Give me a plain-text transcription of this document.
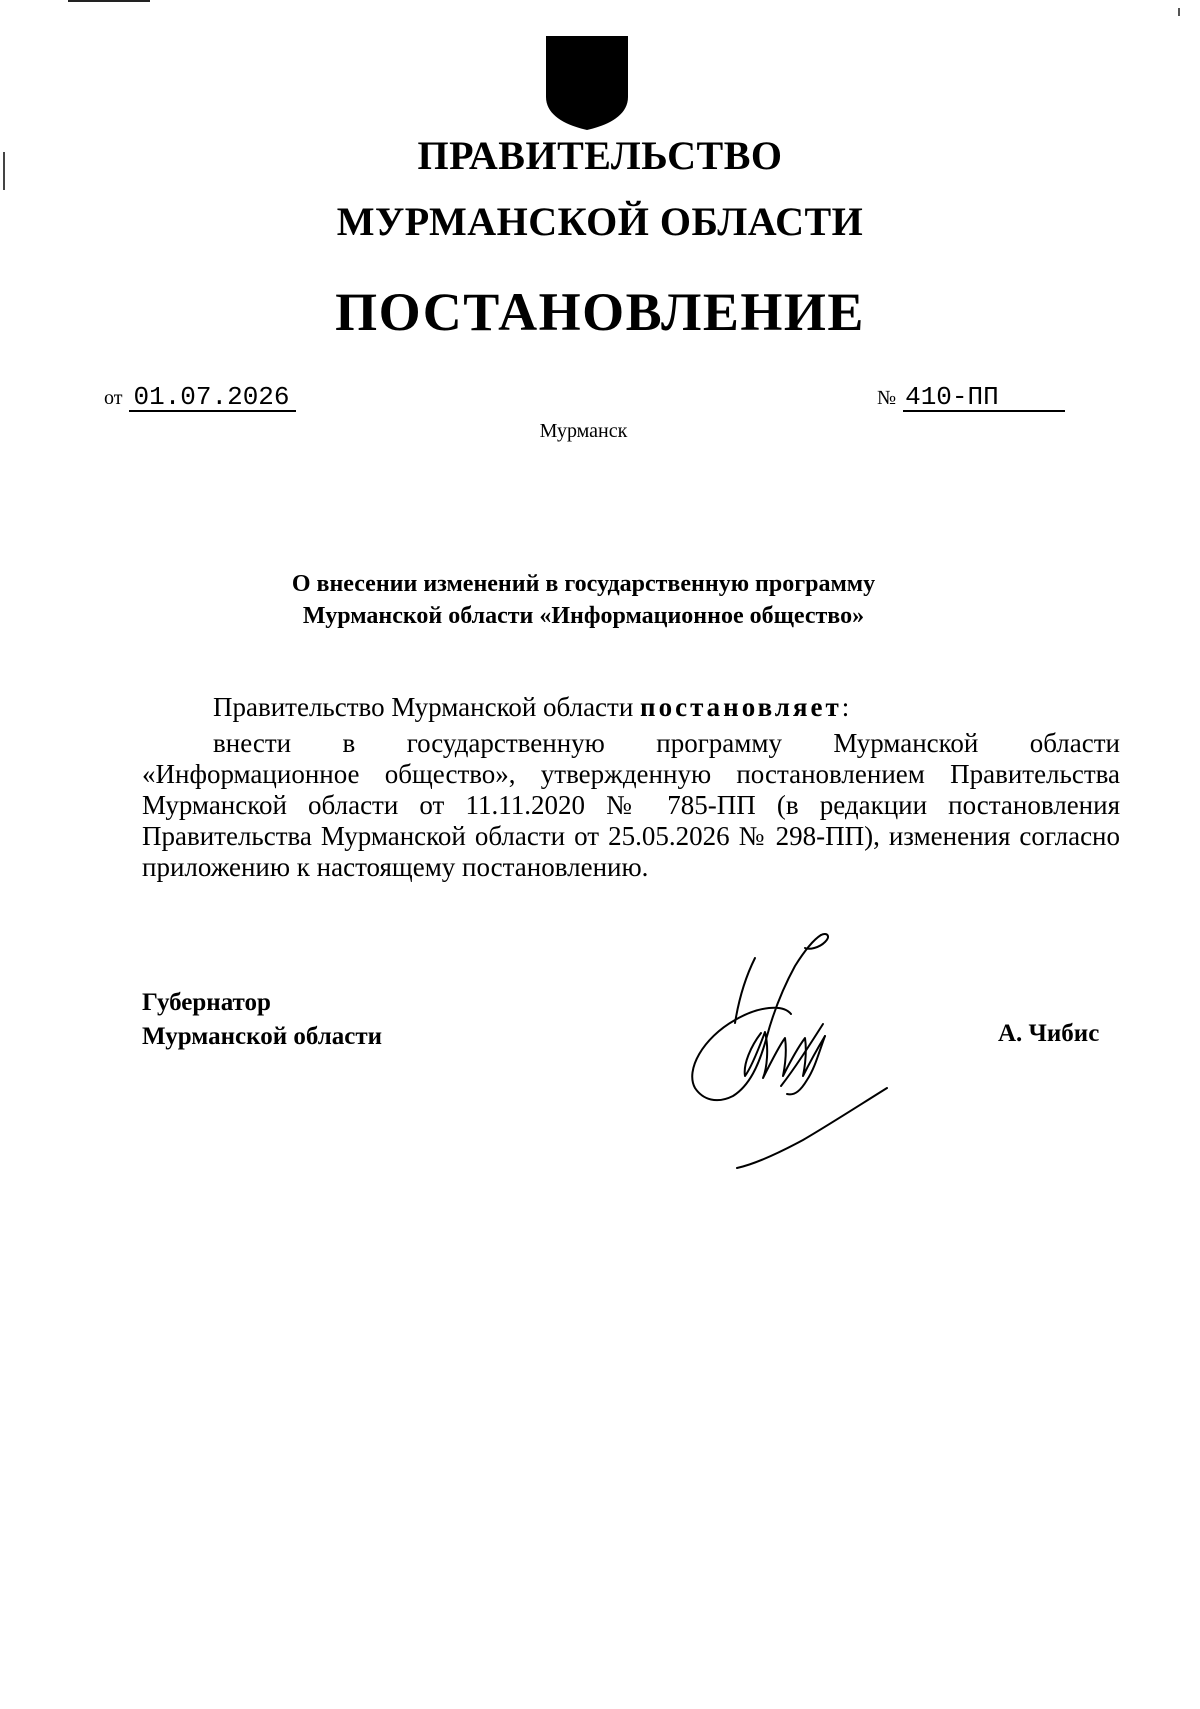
ПРАВИТЕЛЬСТВО
МУРМАНСКОЙ ОБЛАСТИ
ПОСТАНОВЛЕНИЕ
от 01.07.2026	№ 410-ПП
Мурманск
О внесении изменений в государственную программу
Мурманской области «Информационное общество»
Правительство Мурманской области постановляет:
внести в государственную программу Мурманской области
«Информационное общество», утвержденную постановлением Правительства Мурманской области от 11.11.2020 № 785-ПП (в редакции постановления Правительства Мурманской области от 25.05.2026 № 298-ПП), изменения согласно приложению к настоящему постановлению.
Губернатор
Мурманской области	А. Чибис
